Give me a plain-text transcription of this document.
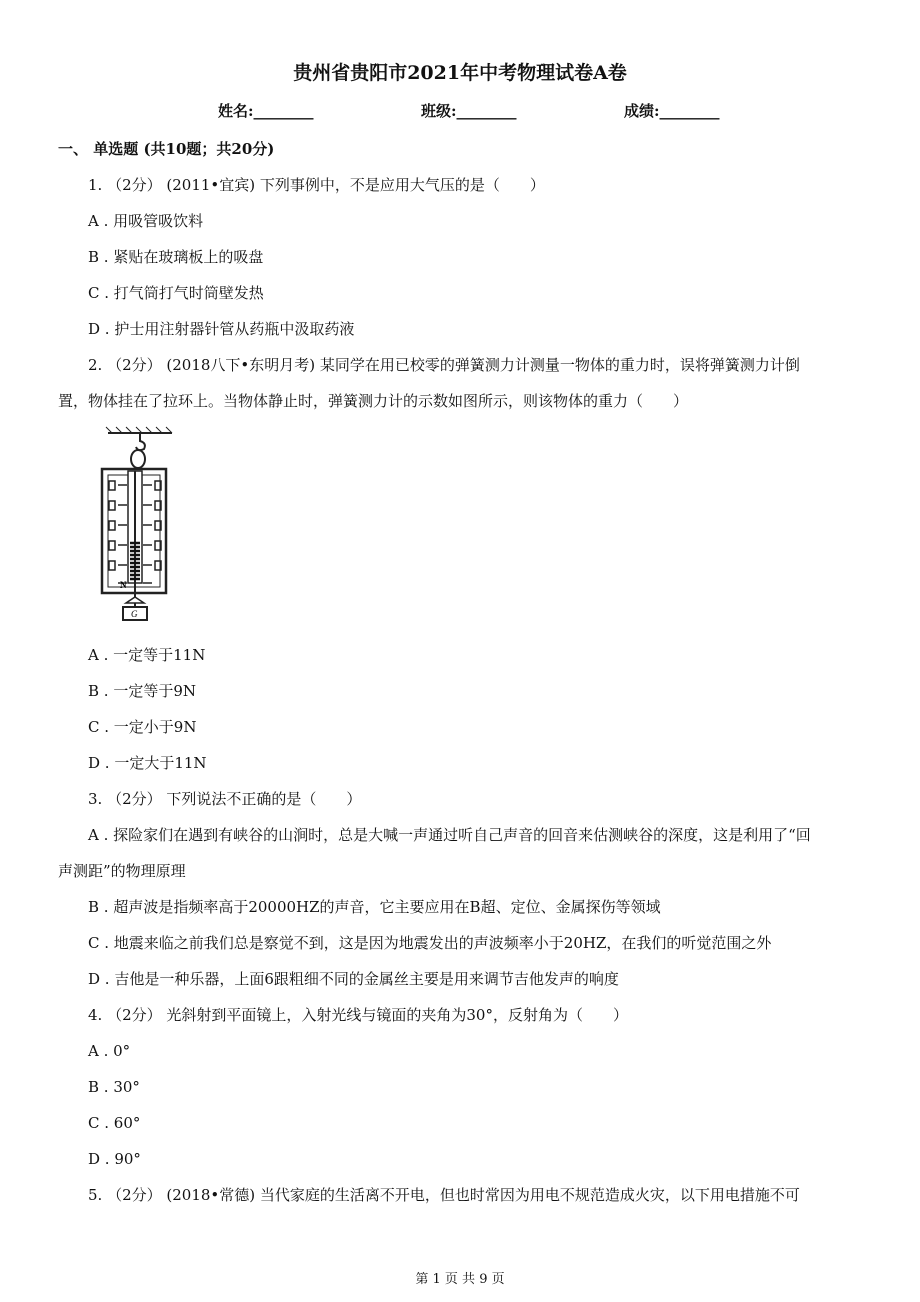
贵州省贵阳市2021年中考物理试卷A卷
姓名:________	班级:________	成绩:________
一、 单选题 (共10题；共20分)
1. （2分） (2011•宜宾) 下列事例中，不是应用大气压的是（　　）
A . 用吸管吸饮料
B . 紧贴在玻璃板上的吸盘
C . 打气筒打气时筒壁发热
D . 护士用注射器针管从药瓶中汲取药液
2. （2分） (2018八下•东明月考) 某同学在用已校零的弹簧测力计测量一物体的重力时，误将弹簧测力计倒
置，物体挂在了拉环上。当物体静止时，弹簧测力计的示数如图所示，则该物体的重力（　　）
N
G
A . 一定等于11N
B . 一定等于9N
C . 一定小于9N
D . 一定大于11N
3. （2分） 下列说法不正确的是（　　）
A . 探险家们在遇到有峡谷的山涧时，总是大喊一声通过听自己声音的回音来估测峡谷的深度，这是利用了“回
声测距”的物理原理
B . 超声波是指频率高于20000HZ的声音，它主要应用在B超、定位、金属探伤等领域
C . 地震来临之前我们总是察觉不到，这是因为地震发出的声波频率小于20HZ，在我们的听觉范围之外
D . 吉他是一种乐器，上面6跟粗细不同的金属丝主要是用来调节吉他发声的响度
4. （2分） 光斜射到平面镜上，入射光线与镜面的夹角为30°，反射角为（　　）
A . 0°
B . 30°
C . 60°
D . 90°
5. （2分） (2018•常德) 当代家庭的生活离不开电，但也时常因为用电不规范造成火灾，以下用电措施不可
第 1 页 共 9 页
